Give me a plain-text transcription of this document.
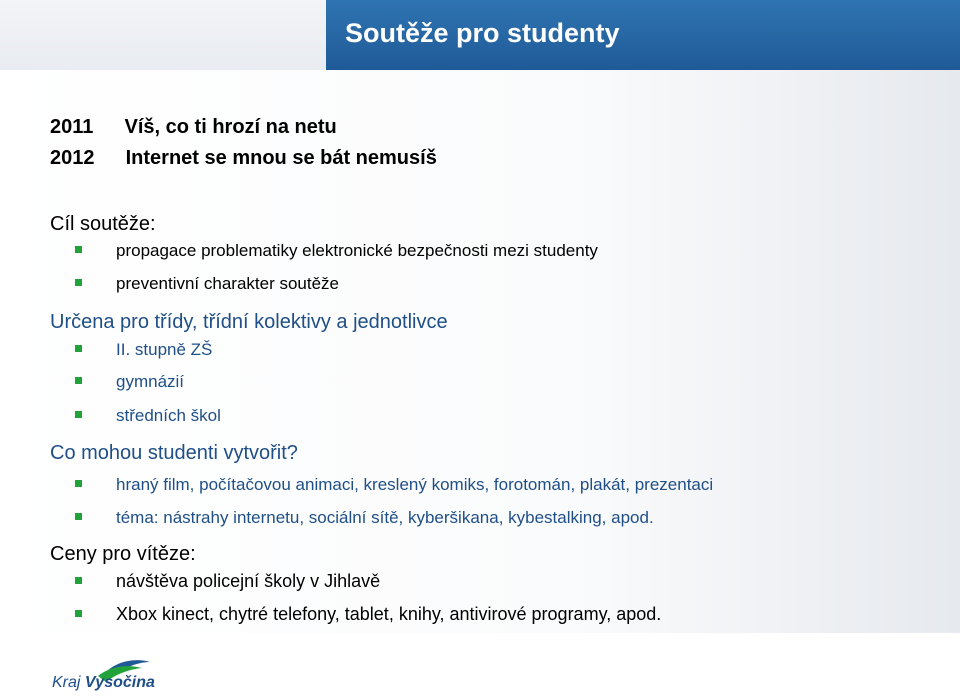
Soutěže pro studenty
2011 Víš, co ti hrozí na netu
2012 Internet se mnou se bát nemusíš
Cíl soutěže:
propagace problematiky elektronické bezpečnosti mezi studenty
preventivní charakter soutěže
Určena pro třídy, třídní kolektivy a jednotlivce
II. stupně ZŠ
gymnázií
středních škol
Co mohou studenti vytvořit?
hraný film, počítačovou animaci, kreslený komiks, forotomán, plakát, prezentaci
téma: nástrahy internetu, sociální sítě, kyberšikana, kybestalking, apod.
Ceny pro vítěze:
návštěva policejní školy v Jihlavě
Xbox kinect, chytré telefony, tablet, knihy, antivirové programy, apod.
Kraj Vysočina
